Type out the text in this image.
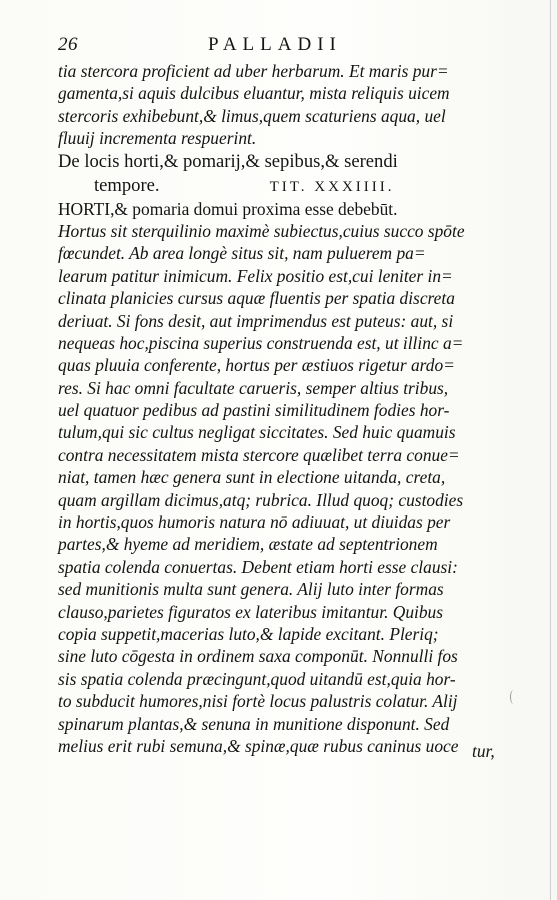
26	PALLADII
tia stercora proficient ad uber herbarum. Et maris pur=
gamenta,si aquis dulcibus eluantur, mista reliquis uicem
stercoris exhibebunt,& limus,quem scaturiens aqua, uel
fluuij incrementa respuerint.
De locis horti,& pomarij,& sepibus,& serendi
tempore.	TIT. XXXIIII.
HORTI,& pomaria domui proxima esse debebūt.
Hortus sit sterquilinio maximè subiectus,cuius succo spōte
fœcundet. Ab area longè situs sit, nam puluerem pa=
learum patitur inimicum. Felix positio est,cui leniter in=
clinata planicies cursus aquæ fluentis per spatia discreta
deriuat. Si fons desit, aut imprimendus est puteus: aut, si
nequeas hoc,piscina superius construenda est, ut illinc a=
quas pluuia conferente, hortus per æstiuos rigetur ardo=
res. Si hac omni facultate carueris, semper altius tribus,
uel quatuor pedibus ad pastini similitudinem fodies hor-
tulum,qui sic cultus negligat siccitates. Sed huic quamuis
contra necessitatem mista stercore quælibet terra conue=
niat, tamen hæc genera sunt in electione uitanda, creta,
quam argillam dicimus,atq; rubrica. Illud quoq; custodies
in hortis,quos humoris natura nō adiuuat, ut diuidas per
partes,& hyeme ad meridiem, æstate ad septentrionem
spatia colenda conuertas. Debent etiam horti esse clausi:
sed munitionis multa sunt genera. Alij luto inter formas
clauso,parietes figuratos ex lateribus imitantur. Quibus
copia suppetit,macerias luto,& lapide excitant. Pleriq;
sine luto cōgesta in ordinem saxa componūt. Nonnulli fos
sis spatia colenda præcingunt,quod uitandū est,quia hor-
to subducit humores,nisi fortè locus palustris colatur. Alij
spinarum plantas,& senuna in munitione disponunt. Sed
melius erit rubi semuna,& spinæ,quæ rubus caninus uoce tur,
